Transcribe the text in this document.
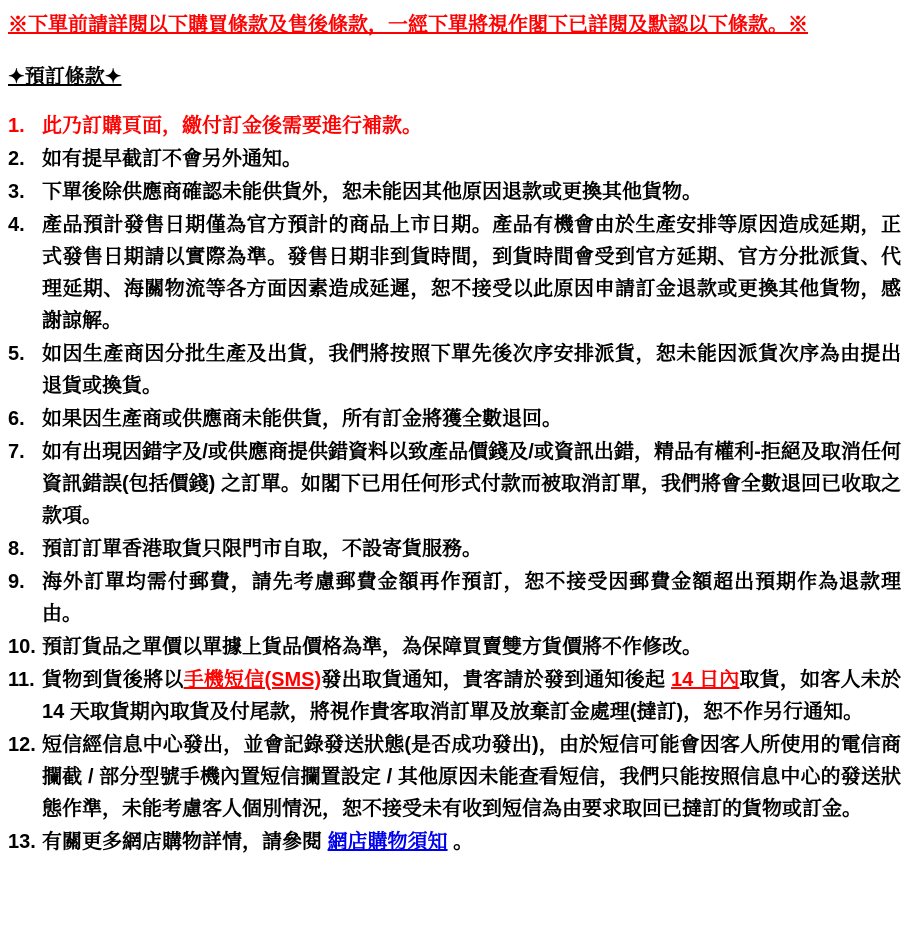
※下單前請詳閱以下購買條款及售後條款，一經下單將視作閣下已詳閱及默認以下條款。※
✦預訂條款✦
1. 此乃訂購頁面，繳付訂金後需要進行補款。
2. 如有提早截訂不會另外通知。
3. 下單後除供應商確認未能供貨外，恕未能因其他原因退款或更換其他貨物。
4. 產品預計發售日期僅為官方預計的商品上市日期。產品有機會由於生產安排等原因造成延期，正式發售日期請以實際為準。發售日期非到貨時間，到貨時間會受到官方延期、官方分批派貨、代理延期、海關物流等各方面因素造成延遲，恕不接受以此原因申請訂金退款或更換其他貨物，感謝諒解。
5. 如因生產商因分批生產及出貨，我們將按照下單先後次序安排派貨，恕未能因派貨次序為由提出退貨或換貨。
6. 如果因生產商或供應商未能供貨，所有訂金將獲全數退回。
7. 如有出現因錯字及/或供應商提供錯資料以致產品價錢及/或資訊出錯，精品有權利-拒絕及取消任何資訊錯誤(包括價錢) 之訂單。如閣下已用任何形式付款而被取消訂單，我們將會全數退回已收取之款項。
8. 預訂訂單香港取貨只限門市自取，不設寄貨服務。
9. 海外訂單均需付郵費，請先考慮郵費金額再作預訂，恕不接受因郵費金額超出預期作為退款理由。
10. 預訂貨品之單價以單據上貨品價格為準，為保障買賣雙方貨價將不作修改。
11. 貨物到貨後將以手機短信(SMS)發出取貨通知，貴客請於發到通知後起 14 日內取貨，如客人未於 14 天取貨期內取貨及付尾款，將視作貴客取消訂單及放棄訂金處理(撻訂)，恕不作另行通知。
12. 短信經信息中心發出，並會記錄發送狀態(是否成功發出)，由於短信可能會因客人所使用的電信商攔截 / 部分型號手機內置短信攔置設定 / 其他原因未能查看短信，我們只能按照信息中心的發送狀態作準，未能考慮客人個別情況，恕不接受未有收到短信為由要求取回已撻訂的貨物或訂金。
13. 有關更多網店購物詳情，請參閱 網店購物須知 。
